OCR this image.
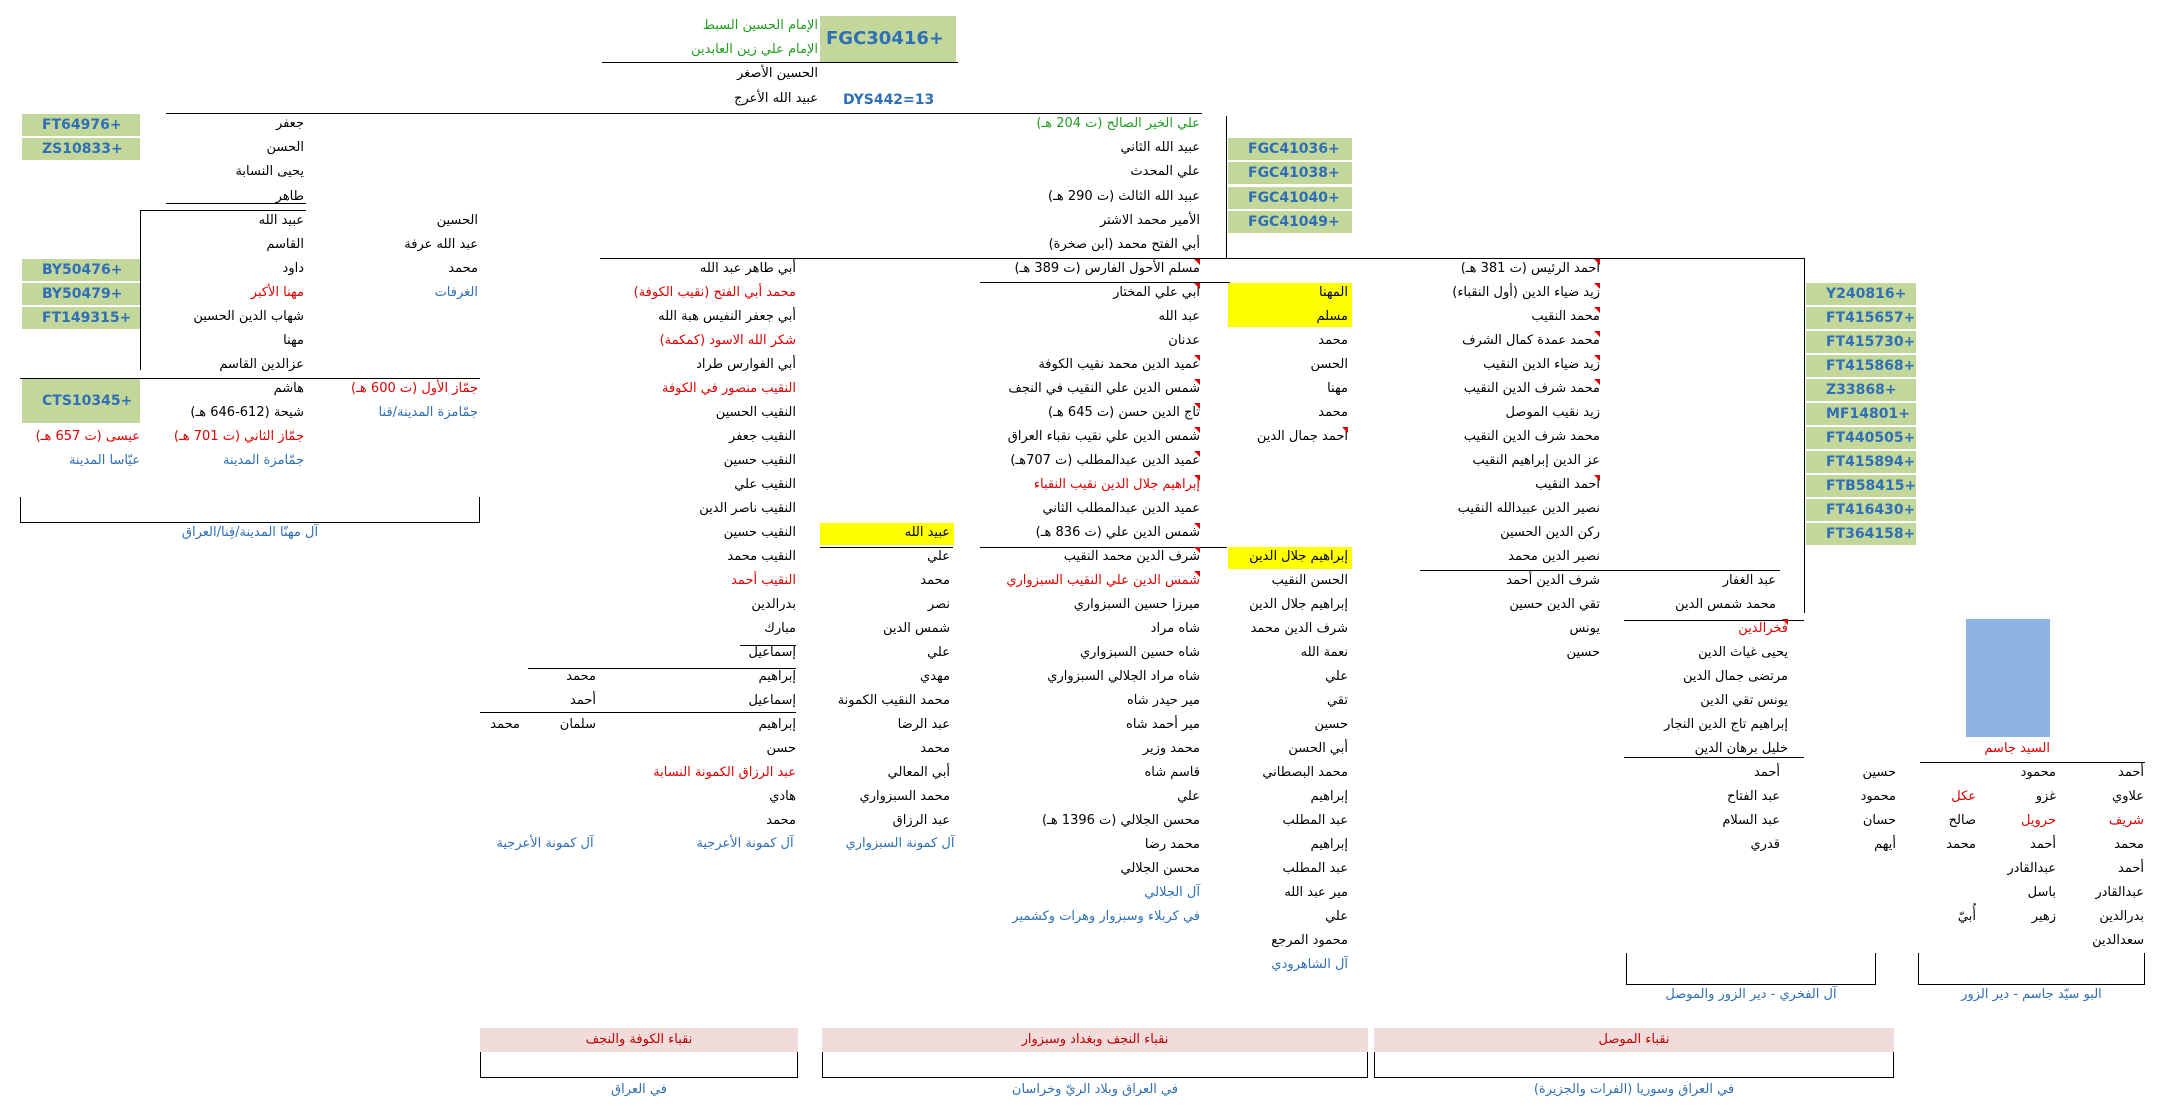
الإمام الحسين السبط
الإمام علي زين العابدين
الحسين الأصغر
عبيد الله الأعرج
FGC30416+
DYS442=13
علي الخير الصالح (ت 204 هـ)
عبيد الله الثاني
علي المحدث
عبيد الله الثالث (ت 290 هـ)
الأمير محمد الاشتر
أبي الفتح محمد (ابن صخرة)
FGC41036+
FGC41038+
FGC41040+
FGC41049+
جعفر
الحسن
يحيى النسابة
طاهر
FT64976+
ZS10833+
عبيد الله	الحسين
القاسم	عبد الله عرفة
داود	محمد
مهنا الأكبر	الغرفات
شهاب الدين الحسين
مهنا
عزالدين القاسم
BY50476+
BY50479+
FT149315+
هاشم	جمّاز الأول (ت 600 هـ)
شيحة (612-646 هـ)	جمّامزة المدينة/قنا
CTS10345+
جمّاز الثاني (ت 701 هـ)
جمّامزة المدينة
عيسى (ت 657 هـ)
عيّاسا المدينة
آل مهنّا المدينة/قِنا/العراق
أبي طاهر عبد الله
محمد أبي الفتح (نقيب الكوفة)
أبي جعفر النفيس هبة الله
شكر الله الاسود (كمكمة)
أبي الفوارس طراد
النقيب منصور في الكوفة
النقيب الحسين
النقيب جعفر
النقيب حسين
النقيب علي
النقيب ناصر الدين
النقيب حسين
النقيب محمد
النقيب أحمد
بدرالدين
مبارك
إسماعيل
إبراهيم
إسماعيل
إبراهيم
حسن
عبد الرزاق الكمونة النسابة
هادي
محمد
محمد
أحمد
سلمان
محمد
آل كمونة الأعرجية	آل كمونة الأعرجية
عبيد الله
علي
محمد
نصر
شمس الدين
علي
مهدي
محمد النقيب الكمونة
عبد الرضا
محمد
أبي المعالي
محمد السبزواري
عبد الرزاق
آل كمونة السبزواري
مسلم الأحول الفارس (ت 389 هـ)
أبي علي المختار
عبد الله
عدنان
عميد الدين محمد نقيب الكوفة
شمس الدين علي النقيب في النجف
تاج الدين حسن (ت 645 هـ)
شمس الدين علي نقيب نقباء العراق
عميد الدين عبدالمطلب (ت 707هـ)
إبراهيم جلال الدين نقيب النقباء
عميد الدين عبدالمطلب الثاني
شمس الدين علي (ت 836 هـ)
شرف الدين محمد النقيب
شمس الدين علي النقيب السبزواري
ميرزا حسين السبزواري
شاه مراد
شاه حسين السبزواري
شاه مراد الجلالي السبزواري
مير حيدر شاه
مير أحمد شاه
محمد وزير
قاسم شاه
علي
محسن الجلالي (ت 1396 هـ)
محمد رضا
محسن الجلالي
آل الجلالي
في كربلاء وسبزوار وهرات وكشمير
المهنا
مسلم
محمد
الحسن
مهنا
محمد
أحمد جمال الدين
إبراهيم جلال الدين
الحسن النقيب
إبراهيم جلال الدين
شرف الدين محمد
نعمة الله
علي
تقي
حسين
أبي الحسن
محمد البصطاني
إبراهيم
عبد المطلب
إبراهيم
عبد المطلب
مير عبد الله
علي
محمود المرجع
آل الشاهرودي
أحمد الرئيس (ت 381 هـ)
زيد ضياء الدين (أول النقباء)
محمد النقيب
محمد عمدة كمال الشرف
زيد ضياء الدين النقيب
محمد شرف الدين النقيب
زيد نقيب الموصل
محمد شرف الدين النقيب
عز الدين إبراهيم النقيب
أحمد النقيب
نصير الدين عبيدالله النقيب
ركن الدين الحسين
نصير الدين محمد
Y240816+
FT415657+
FT415730+
FT415868+
Z33868+
MF14801+
FT440505+
FT415894+
FTB58415+
FT416430+
FT364158+
عبد الغفار
شرف الدين أحمد
محمد شمس الدين
تقي الدين حسين
يونس
حسين
فخرالدين
يحيى غياث الدين
مرتضى جمال الدين
يونس تقي الدين
إبراهيم تاج الدين النجار
خليل برهان الدين
حسين
أحمد
محمود
عبد الفتاح
حسان
عبد السلام
أيهم
قدري
آل الفخري - دير الزور والموصل
السيد جاسم
أحمد
علاوي
شريف
محمد
أحمد
عبدالقادر
بدرالدين
سعدالدين
محمود
غزو
حرويل
أحمد
عبدالقادر
باسل
زهير
عكل
صالح
محمد
أُبيّ
البو سيّد جاسم - دير الزور
نقباء الكوفة والنجف	نقباء النجف وبغداد وسبزوار	نقباء الموصل
في العراق	في العراق وبلاد الريّ وخراسان	في العراق وسوريا (الفرات والجزيرة)
